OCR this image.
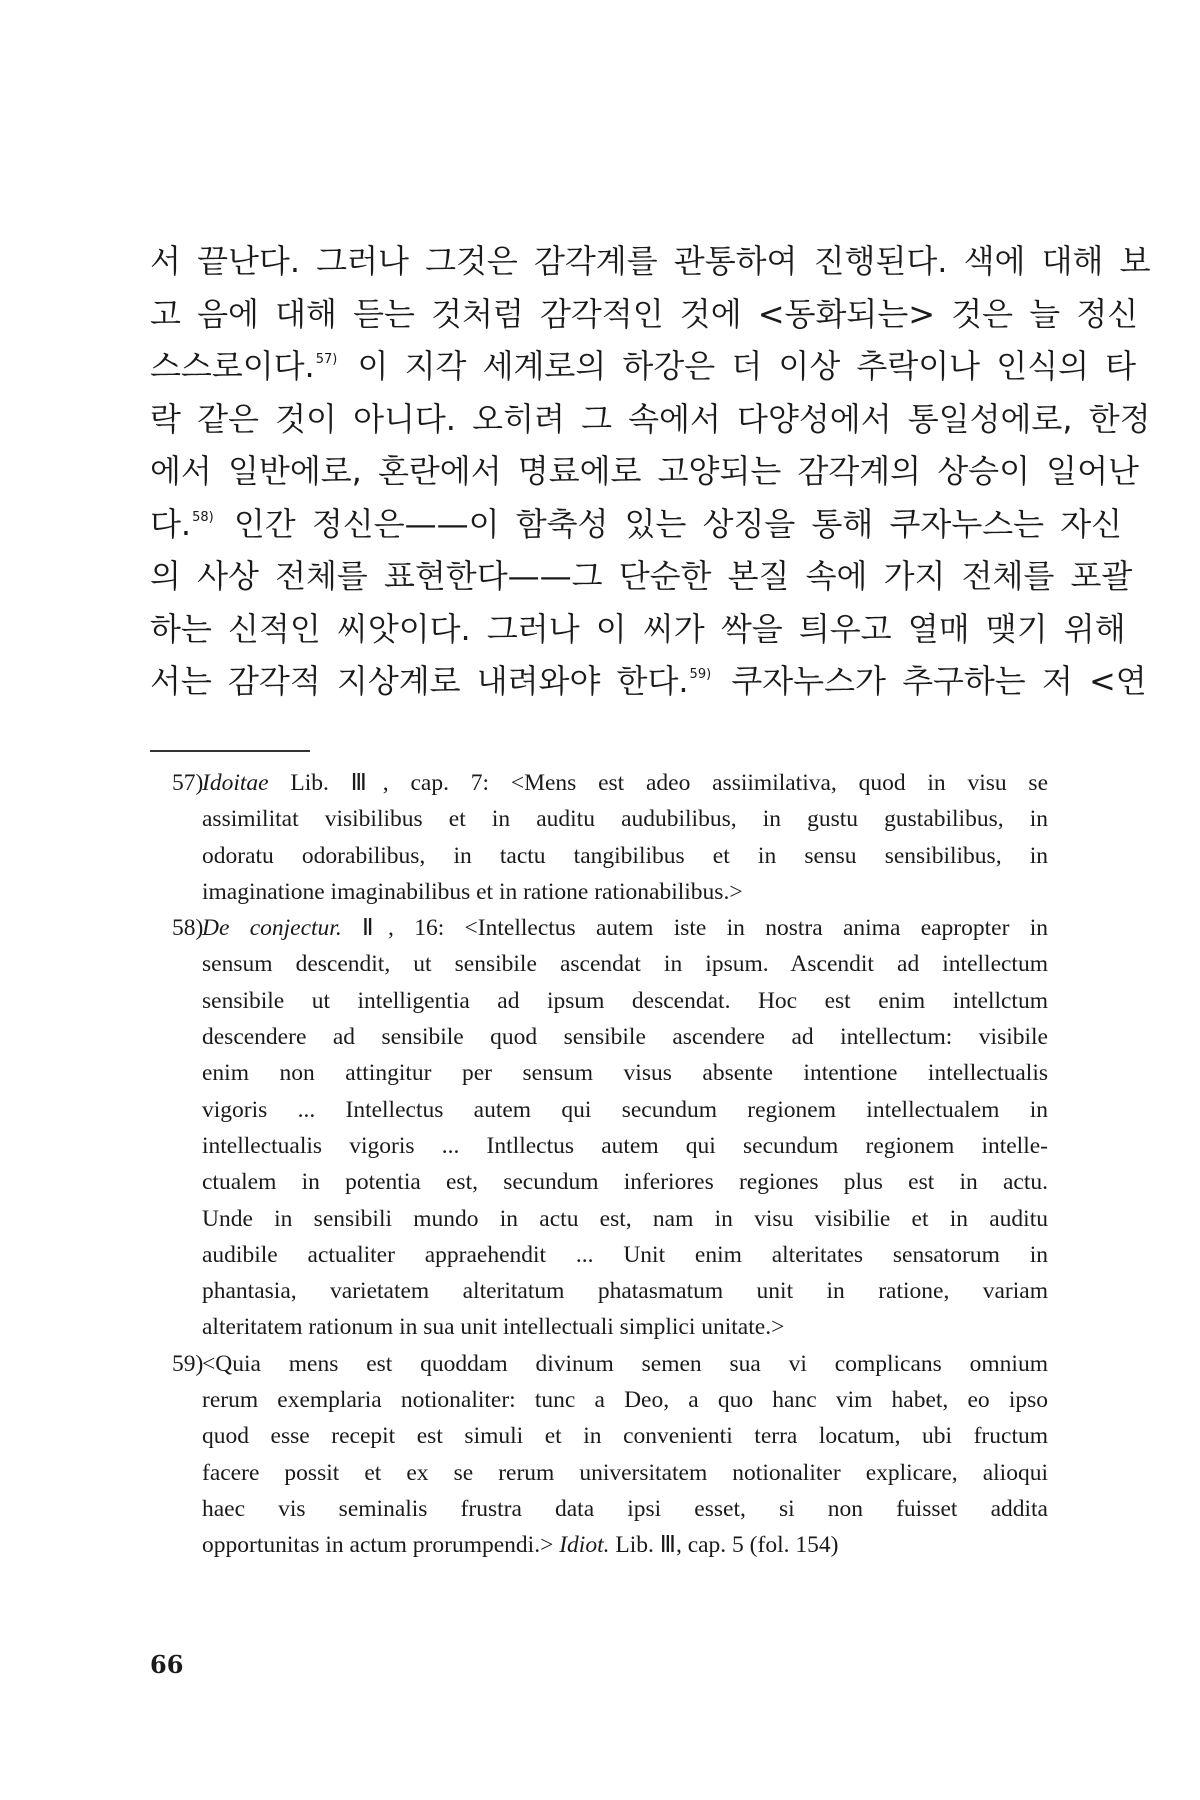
서 끝난다. 그러나 그것은 감각계를 관통하여 진행된다. 색에 대해 보
고 음에 대해 듣는 것처럼 감각적인 것에 <동화되는> 것은 늘 정신
스스로이다.$^{57)}$ 이 지각 세계로의 하강은 더 이상 추락이나 인식의 타
락 같은 것이 아니다. 오히려 그 속에서 다양성에서 통일성에로, 한정
에서 일반에로, 혼란에서 명료에로 고양되는 감각계의 상승이 일어난
다.$^{58)}$ 인간 정신은——이 함축성 있는 상징을 통해 쿠자누스는 자신
의 사상 전체를 표현한다——그 단순한 본질 속에 가지 전체를 포괄
하는 신적인 씨앗이다. 그러나 이 씨가 싹을 틔우고 열매 맺기 위해
서는 감각적 지상계로 내려와야 한다.$^{59)}$ 쿠자누스가 추구하는 저 <연
57)
Idoitae Lib. Ⅲ, cap. 7: <Mens est adeo assiimilativa, quod in visu se
assimilitat visibilibus et in auditu audubilibus, in gustu gustabilibus, in
odoratu odorabilibus, in tactu tangibilibus et in sensu sensibilibus, in
imaginatione imaginabilibus et in ratione rationabilibus.>
58)
De conjectur. Ⅱ, 16: <Intellectus autem iste in nostra anima eapropter in
sensum descendit, ut sensibile ascendat in ipsum. Ascendit ad intellectum
sensibile ut intelligentia ad ipsum descendat. Hoc est enim intellctum
descendere ad sensibile quod sensibile ascendere ad intellectum: visibile
enim non attingitur per sensum visus absente intentione intellectualis
vigoris ... Intellectus autem qui secundum regionem intellectualem in
intellectualis vigoris ... Intllectus autem qui secundum regionem intelle-
ctualem in potentia est, secundum inferiores regiones plus est in actu.
Unde in sensibili mundo in actu est, nam in visu visibilie et in auditu
audibile actualiter appraehendit ... Unit enim alteritates sensatorum in
phantasia, varietatem alteritatum phatasmatum unit in ratione, variam
alteritatem rationum in sua unit intellectuali simplici unitate.>
59)
<Quia mens est quoddam divinum semen sua vi complicans omnium
rerum exemplaria notionaliter: tunc a Deo, a quo hanc vim habet, eo ipso
quod esse recepit est simuli et in convenienti terra locatum, ubi fructum
facere possit et ex se rerum universitatem notionaliter explicare, alioqui
haec vis seminalis frustra data ipsi esset, si non fuisset addita
opportunitas in actum prorumpendi.> Idiot. Lib. Ⅲ, cap. 5 (fol. 154)
66
